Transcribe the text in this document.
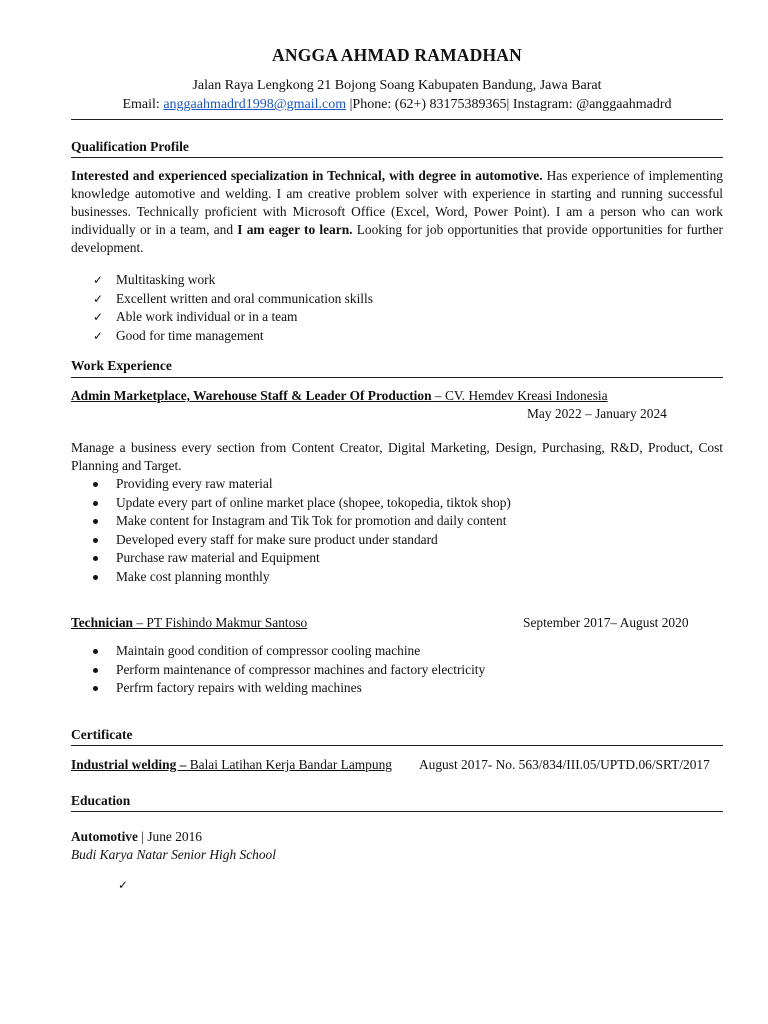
ANGGA AHMAD RAMADHAN
Jalan Raya Lengkong 21 Bojong Soang Kabupaten Bandung, Jawa Barat
Email: anggaahmadrd1998@gmail.com |Phone: (62+) 83175389365| Instagram: @anggaahmadrd
Qualification Profile
Interested and experienced specialization in Technical, with degree in automotive. Has experience of implementing knowledge automotive and welding. I am creative problem solver with experience in starting and running successful businesses. Technically proficient with Microsoft Office (Excel, Word, Power Point). I am a person who can work individually or in a team, and I am eager to learn. Looking for job opportunities that provide opportunities for further development.
✓ Multitasking work
✓ Excellent written and oral communication skills
✓ Able work individual or in a team
✓ Good for time management
Work Experience
Admin Marketplace, Warehouse Staff & Leader Of Production – CV. Hemdev Kreasi Indonesia
May 2022 – January 2024
Manage a business every section from Content Creator, Digital Marketing, Design, Purchasing, R&D, Product, Cost Planning and Target.
Providing every raw material
Update every part of online market place (shopee, tokopedia, tiktok shop)
Make content for Instagram and Tik Tok for promotion and daily content
Developed every staff for make sure product under standard
Purchase raw material and Equipment
Make cost planning monthly
Technician – PT Fishindo Makmur Santoso	September 2017– August 2020
Maintain good condition of compressor cooling machine
Perform maintenance of compressor machines and factory electricity
Perfrm factory repairs with welding machines
Certificate
Industrial welding – Balai Latihan Kerja Bandar Lampung August 2017- No. 563/834/III.05/UPTD.06/SRT/2017
Education
Automotive | June 2016
Budi Karya Natar Senior High School
✓
